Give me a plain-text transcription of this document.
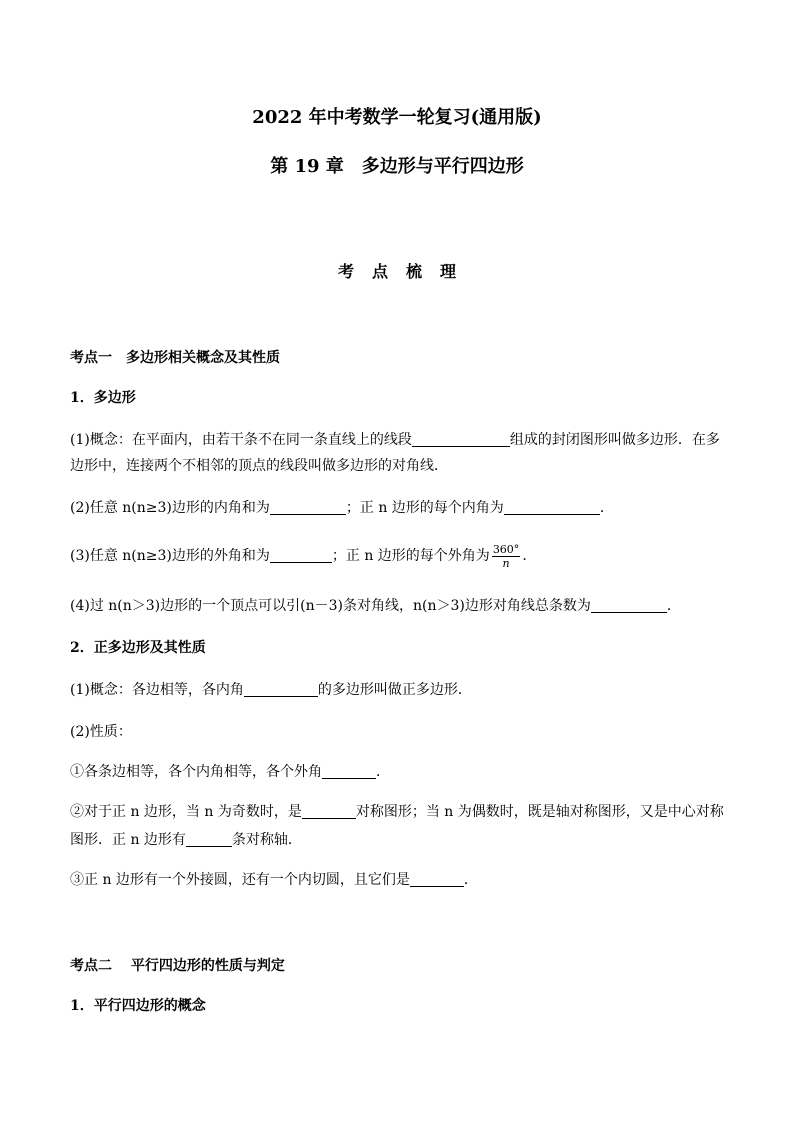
2022 年中考数学一轮复习(通用版)
第 19 章　多边形与平行四边形
考点梳理
考点一　多边形相关概念及其性质
1．多边形
(1)概念：在平面内，由若干条不在同一条直线上的线段	组成的封闭图形叫做多边形．在多
边形中，连接两个不相邻的顶点的线段叫做多边形的对角线．
(2)任意 n(n≥3)边形的内角和为	；正 n 边形的每个内角为	．
(3)任意 n(n≥3)边形的外角和为	；正 n 边形的每个外角为 $\frac{360^\circ}{n}$ .
(4)过 n(n＞3)边形的一个顶点可以引(n－3)条对角线，n(n＞3)边形对角线总条数为	．
2．正多边形及其性质
(1)概念：各边相等，各内角	的多边形叫做正多边形．
(2)性质：
①各条边相等，各个内角相等，各个外角	．
②对于正 n 边形，当 n 为奇数时，是	对称图形；当 n 为偶数时，既是轴对称图形，又是中心对称
图形．正 n 边形有	条对称轴．
③正 n 边形有一个外接圆，还有一个内切圆，且它们是	．
考点二　 平行四边形的性质与判定
1．平行四边形的概念
